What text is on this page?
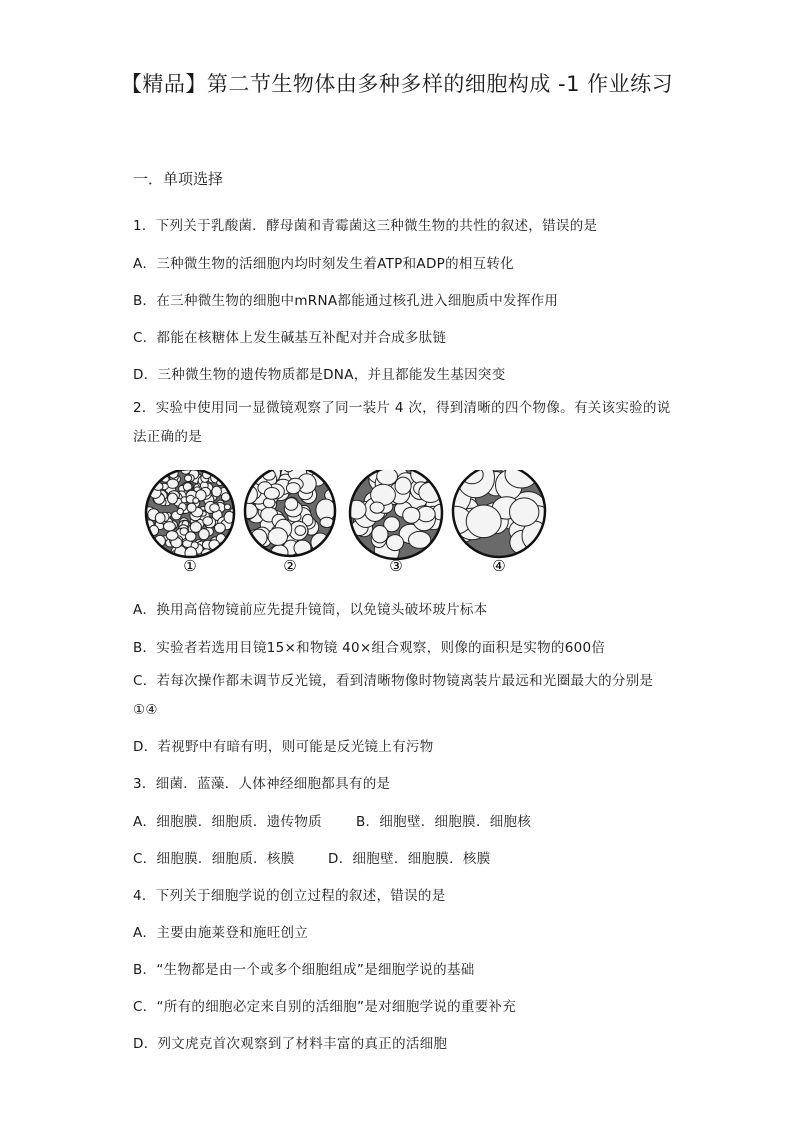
【精品】第二节生物体由多种多样的细胞构成 -1 作业练习
一．单项选择
1．下列关于乳酸菌．酵母菌和青霉菌这三种微生物的共性的叙述，错误的是
A．三种微生物的活细胞内均时刻发生着ATP和ADP的相互转化
B．在三种微生物的细胞中mRNA都能通过核孔进入细胞质中发挥作用
C．都能在核糖体上发生碱基互补配对并合成多肽链
D．三种微生物的遗传物质都是DNA，并且都能发生基因突变
2．实验中使用同一显微镜观察了同一装片 4 次，得到清晰的四个物像。有关该实验的说法正确的是
①	②	③	④
A．换用高倍物镜前应先提升镜筒，以免镜头破坏玻片标本
B．实验者若选用目镜15×和物镜 40×组合观察，则像的面积是实物的600倍
C．若每次操作都未调节反光镜，看到清晰物像时物镜离装片最远和光圈最大的分别是①④
D．若视野中有暗有明，则可能是反光镜上有污物
3．细菌．蓝藻．人体神经细胞都具有的是
A．细胞膜．细胞质．遗传物质	B．细胞壁．细胞膜．细胞核
C．细胞膜．细胞质．核膜 D．细胞壁．细胞膜．核膜
4．下列关于细胞学说的创立过程的叙述，错误的是
A．主要由施莱登和施旺创立
B．“生物都是由一个或多个细胞组成”是细胞学说的基础
C．“所有的细胞必定来自别的活细胞”是对细胞学说的重要补充
D．列文虎克首次观察到了材料丰富的真正的活细胞
